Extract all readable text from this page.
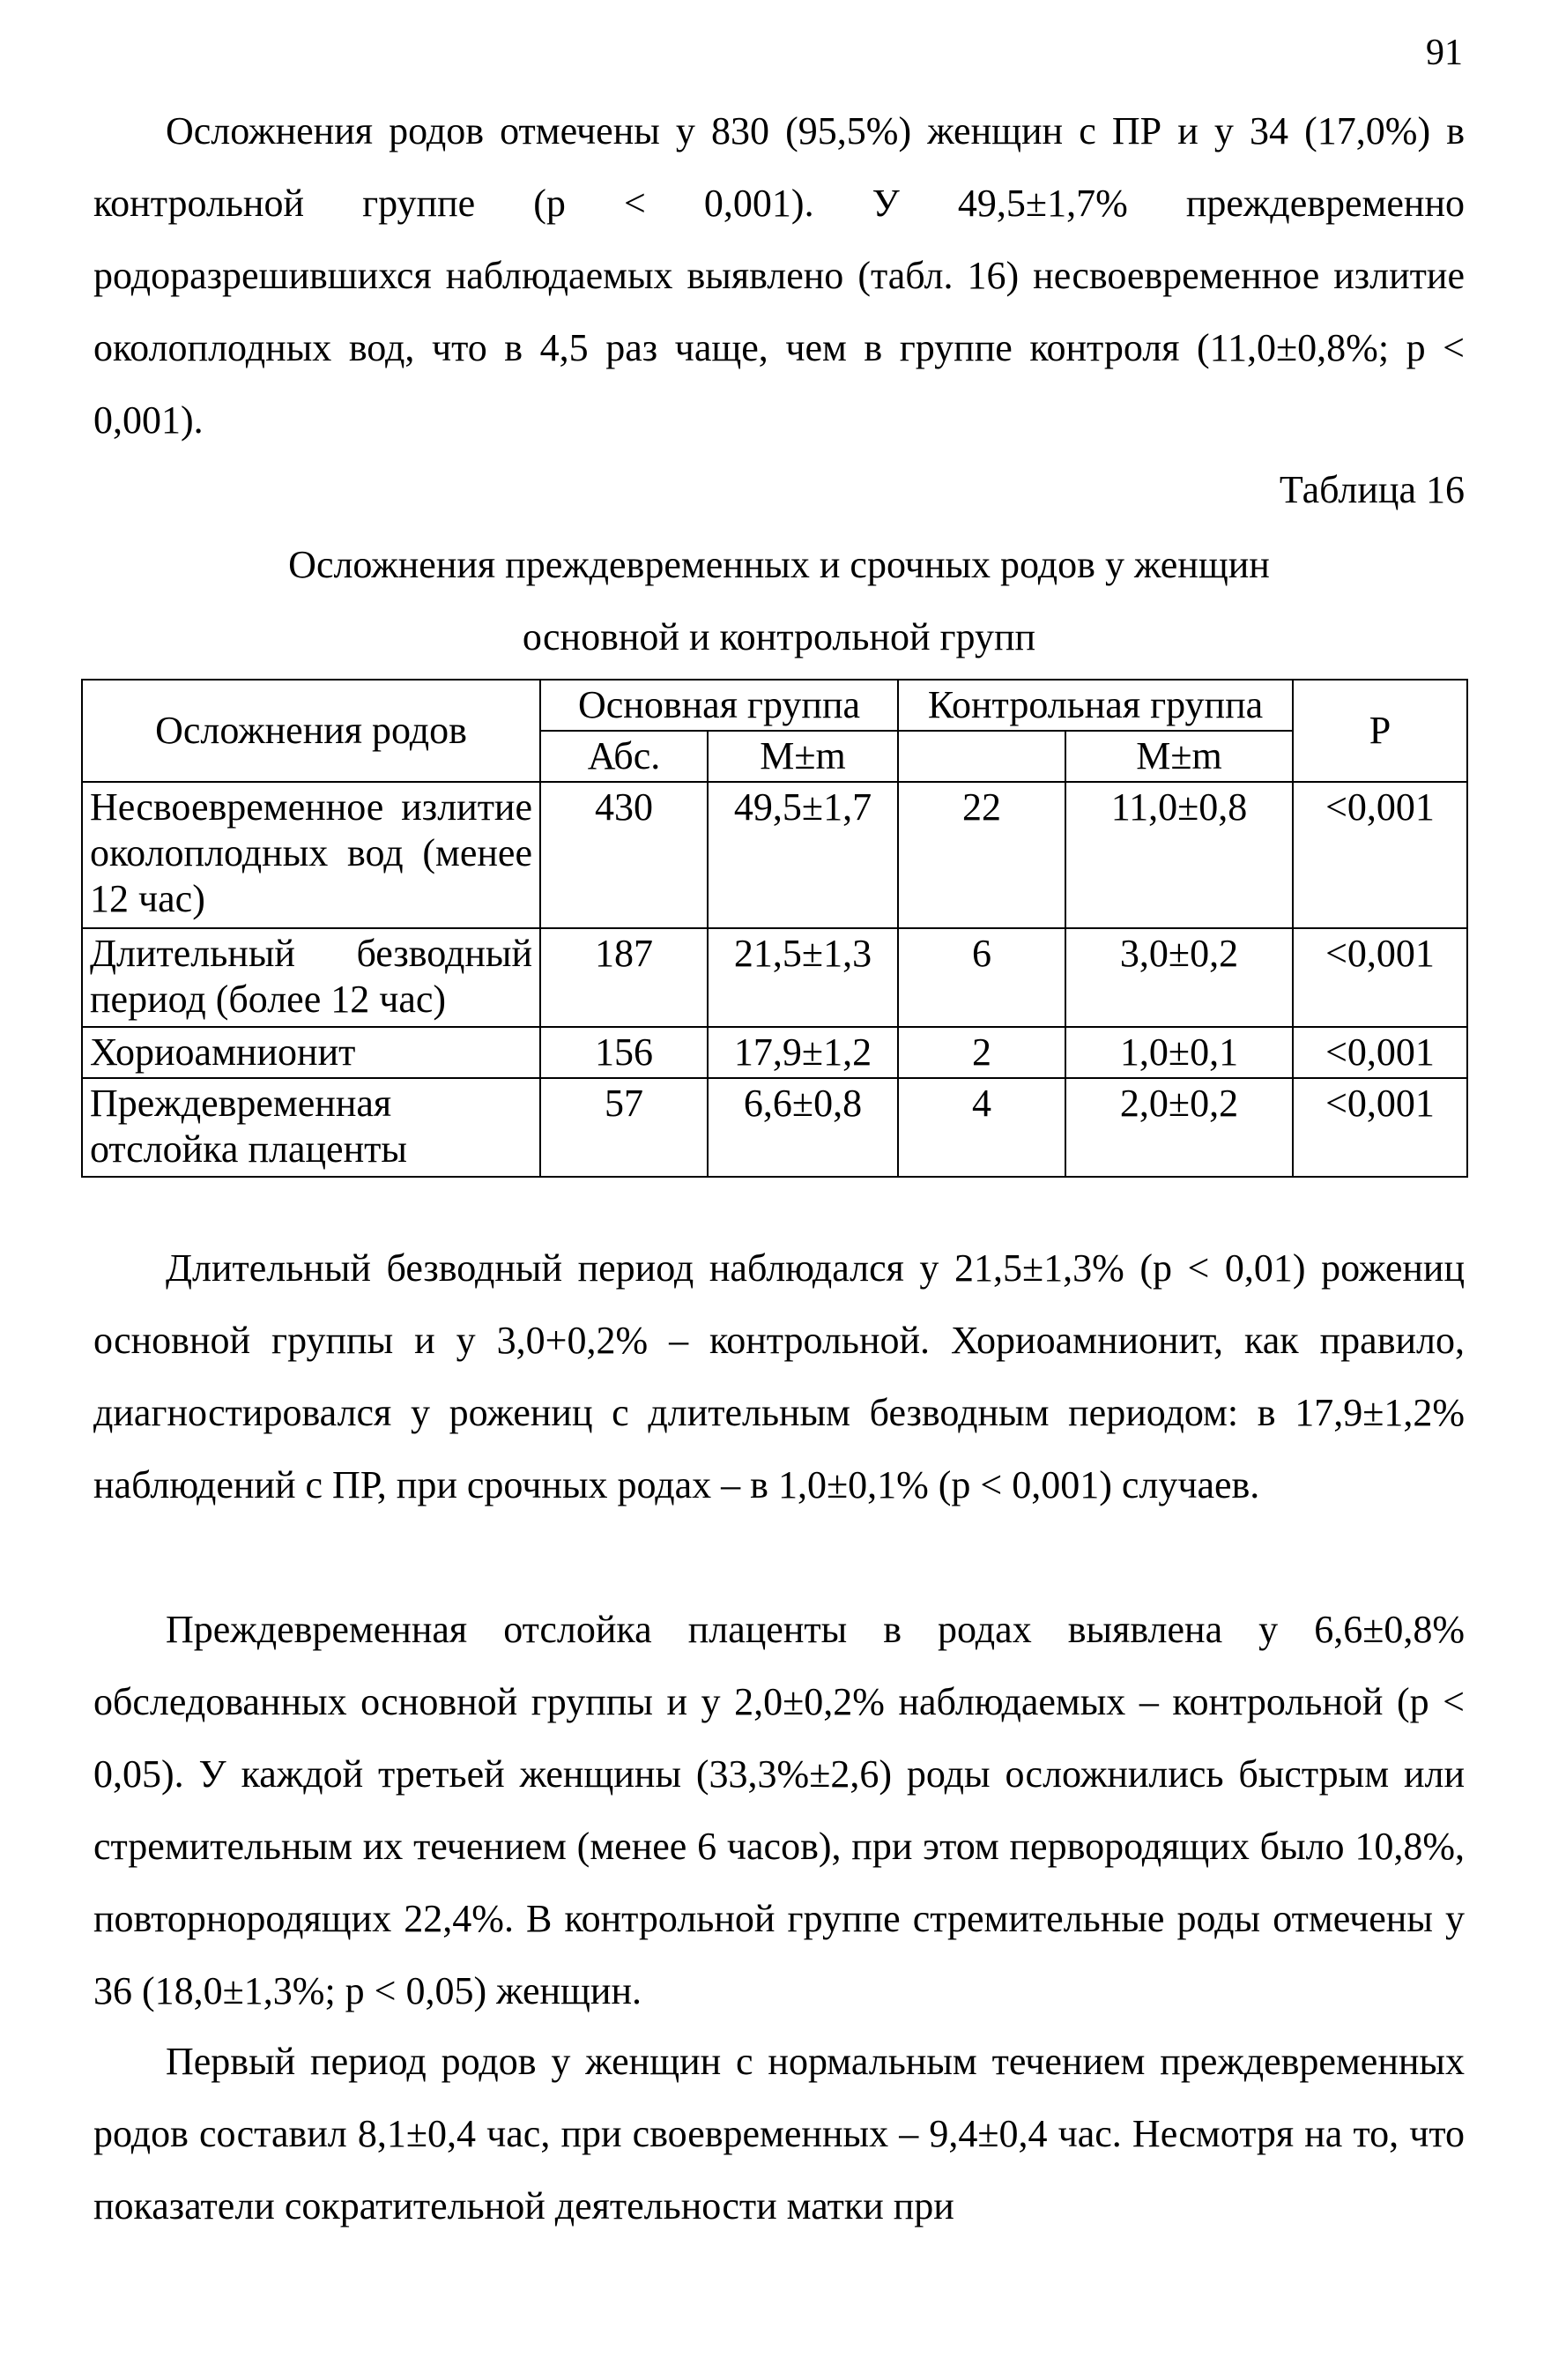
91

Осложнения родов отмечены у 830 (95,5%) женщин с ПР и у 34 (17,0%) в контрольной группе (р < 0,001). У 49,5±1,7% преждевременно родоразрешившихся наблюдаемых выявлено (табл. 16) несвоевременное излитие околоплодных вод, что в 4,5 раз чаще, чем в группе контроля (11,0±0,8%; р < 0,001).

Таблица 16
Осложнения преждевременных и срочных родов у женщин
основной и контрольной групп
Осложнения родов	Основная группа		Контрольная группа		P
	Абс.	M±m		M±m	
Несвоевременное излитие околоплодных вод (менее 12 час)	430	49,5±1,7	22	11,0±0,8	<0,001
Длительный безводный период (более 12 час)	187	21,5±1,3	6	3,0±0,2	<0,001
Хориоамнионит	156	17,9±1,2	2	1,0±0,1	<0,001
Преждевременная отслойка плаценты	57	6,6±0,8	4	2,0±0,2	<0,001

Длительный безводный период наблюдался у 21,5±1,3% (р < 0,01) рожениц основной группы и у 3,0+0,2% – контрольной. Хориоамнионит, как правило, диагностировался у рожениц с длительным безводным периодом: в 17,9±1,2% наблюдений с ПР, при срочных родах – в 1,0±0,1% (р < 0,001) случаев.

Преждевременная отслойка плаценты в родах выявлена у 6,6±0,8% обследованных основной группы и у 2,0±0,2% наблюдаемых – контрольной (р < 0,05). У каждой третьей женщины (33,3%±2,6) роды осложнились быстрым или стремительным их течением (менее 6 часов), при этом первородящих было 10,8%, повторнородящих 22,4%. В контрольной группе стремительные роды отмечены у 36 (18,0±1,3%; р < 0,05) женщин.

Первый период родов у женщин с нормальным течением преждевременных родов составил 8,1±0,4 час, при своевременных – 9,4±0,4 час. Несмотря на то, что показатели сократительной деятельности матки при
